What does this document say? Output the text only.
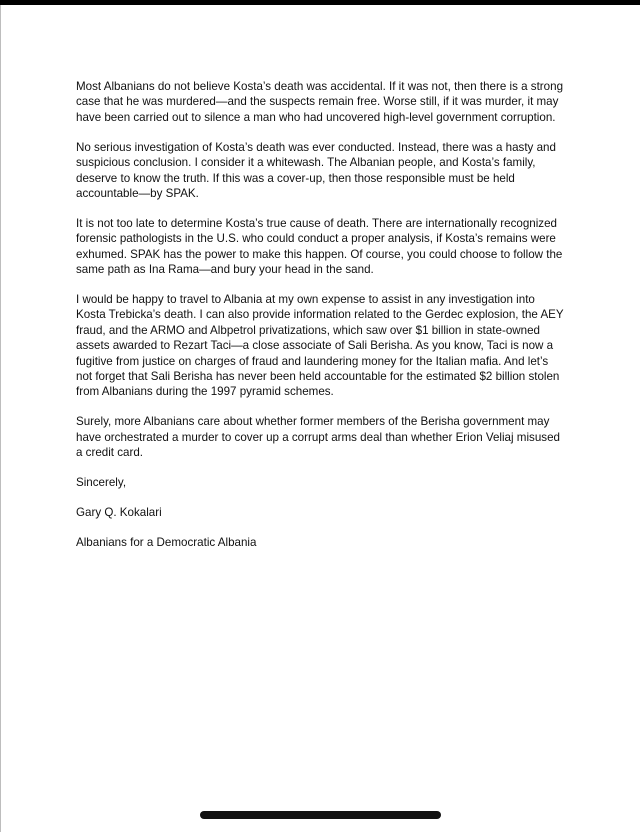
Most Albanians do not believe Kosta’s death was accidental. If it was not, then there is a strong case that he was murdered—and the suspects remain free. Worse still, if it was murder, it may have been carried out to silence a man who had uncovered high-level government corruption.

No serious investigation of Kosta’s death was ever conducted. Instead, there was a hasty and suspicious conclusion. I consider it a whitewash. The Albanian people, and Kosta’s family, deserve to know the truth. If this was a cover-up, then those responsible must be held accountable—by SPAK.

It is not too late to determine Kosta’s true cause of death. There are internationally recognized forensic pathologists in the U.S. who could conduct a proper analysis, if Kosta’s remains were exhumed. SPAK has the power to make this happen. Of course, you could choose to follow the same path as Ina Rama—and bury your head in the sand.

I would be happy to travel to Albania at my own expense to assist in any investigation into Kosta Trebicka’s death. I can also provide information related to the Gerdec explosion, the AEY fraud, and the ARMO and Albpetrol privatizations, which saw over $1 billion in state-owned assets awarded to Rezart Taci—a close associate of Sali Berisha. As you know, Taci is now a fugitive from justice on charges of fraud and laundering money for the Italian mafia. And let’s not forget that Sali Berisha has never been held accountable for the estimated $2 billion stolen from Albanians during the 1997 pyramid schemes.

Surely, more Albanians care about whether former members of the Berisha government may have orchestrated a murder to cover up a corrupt arms deal than whether Erion Veliaj misused a credit card.

Sincerely,

Gary Q. Kokalari

Albanians for a Democratic Albania
